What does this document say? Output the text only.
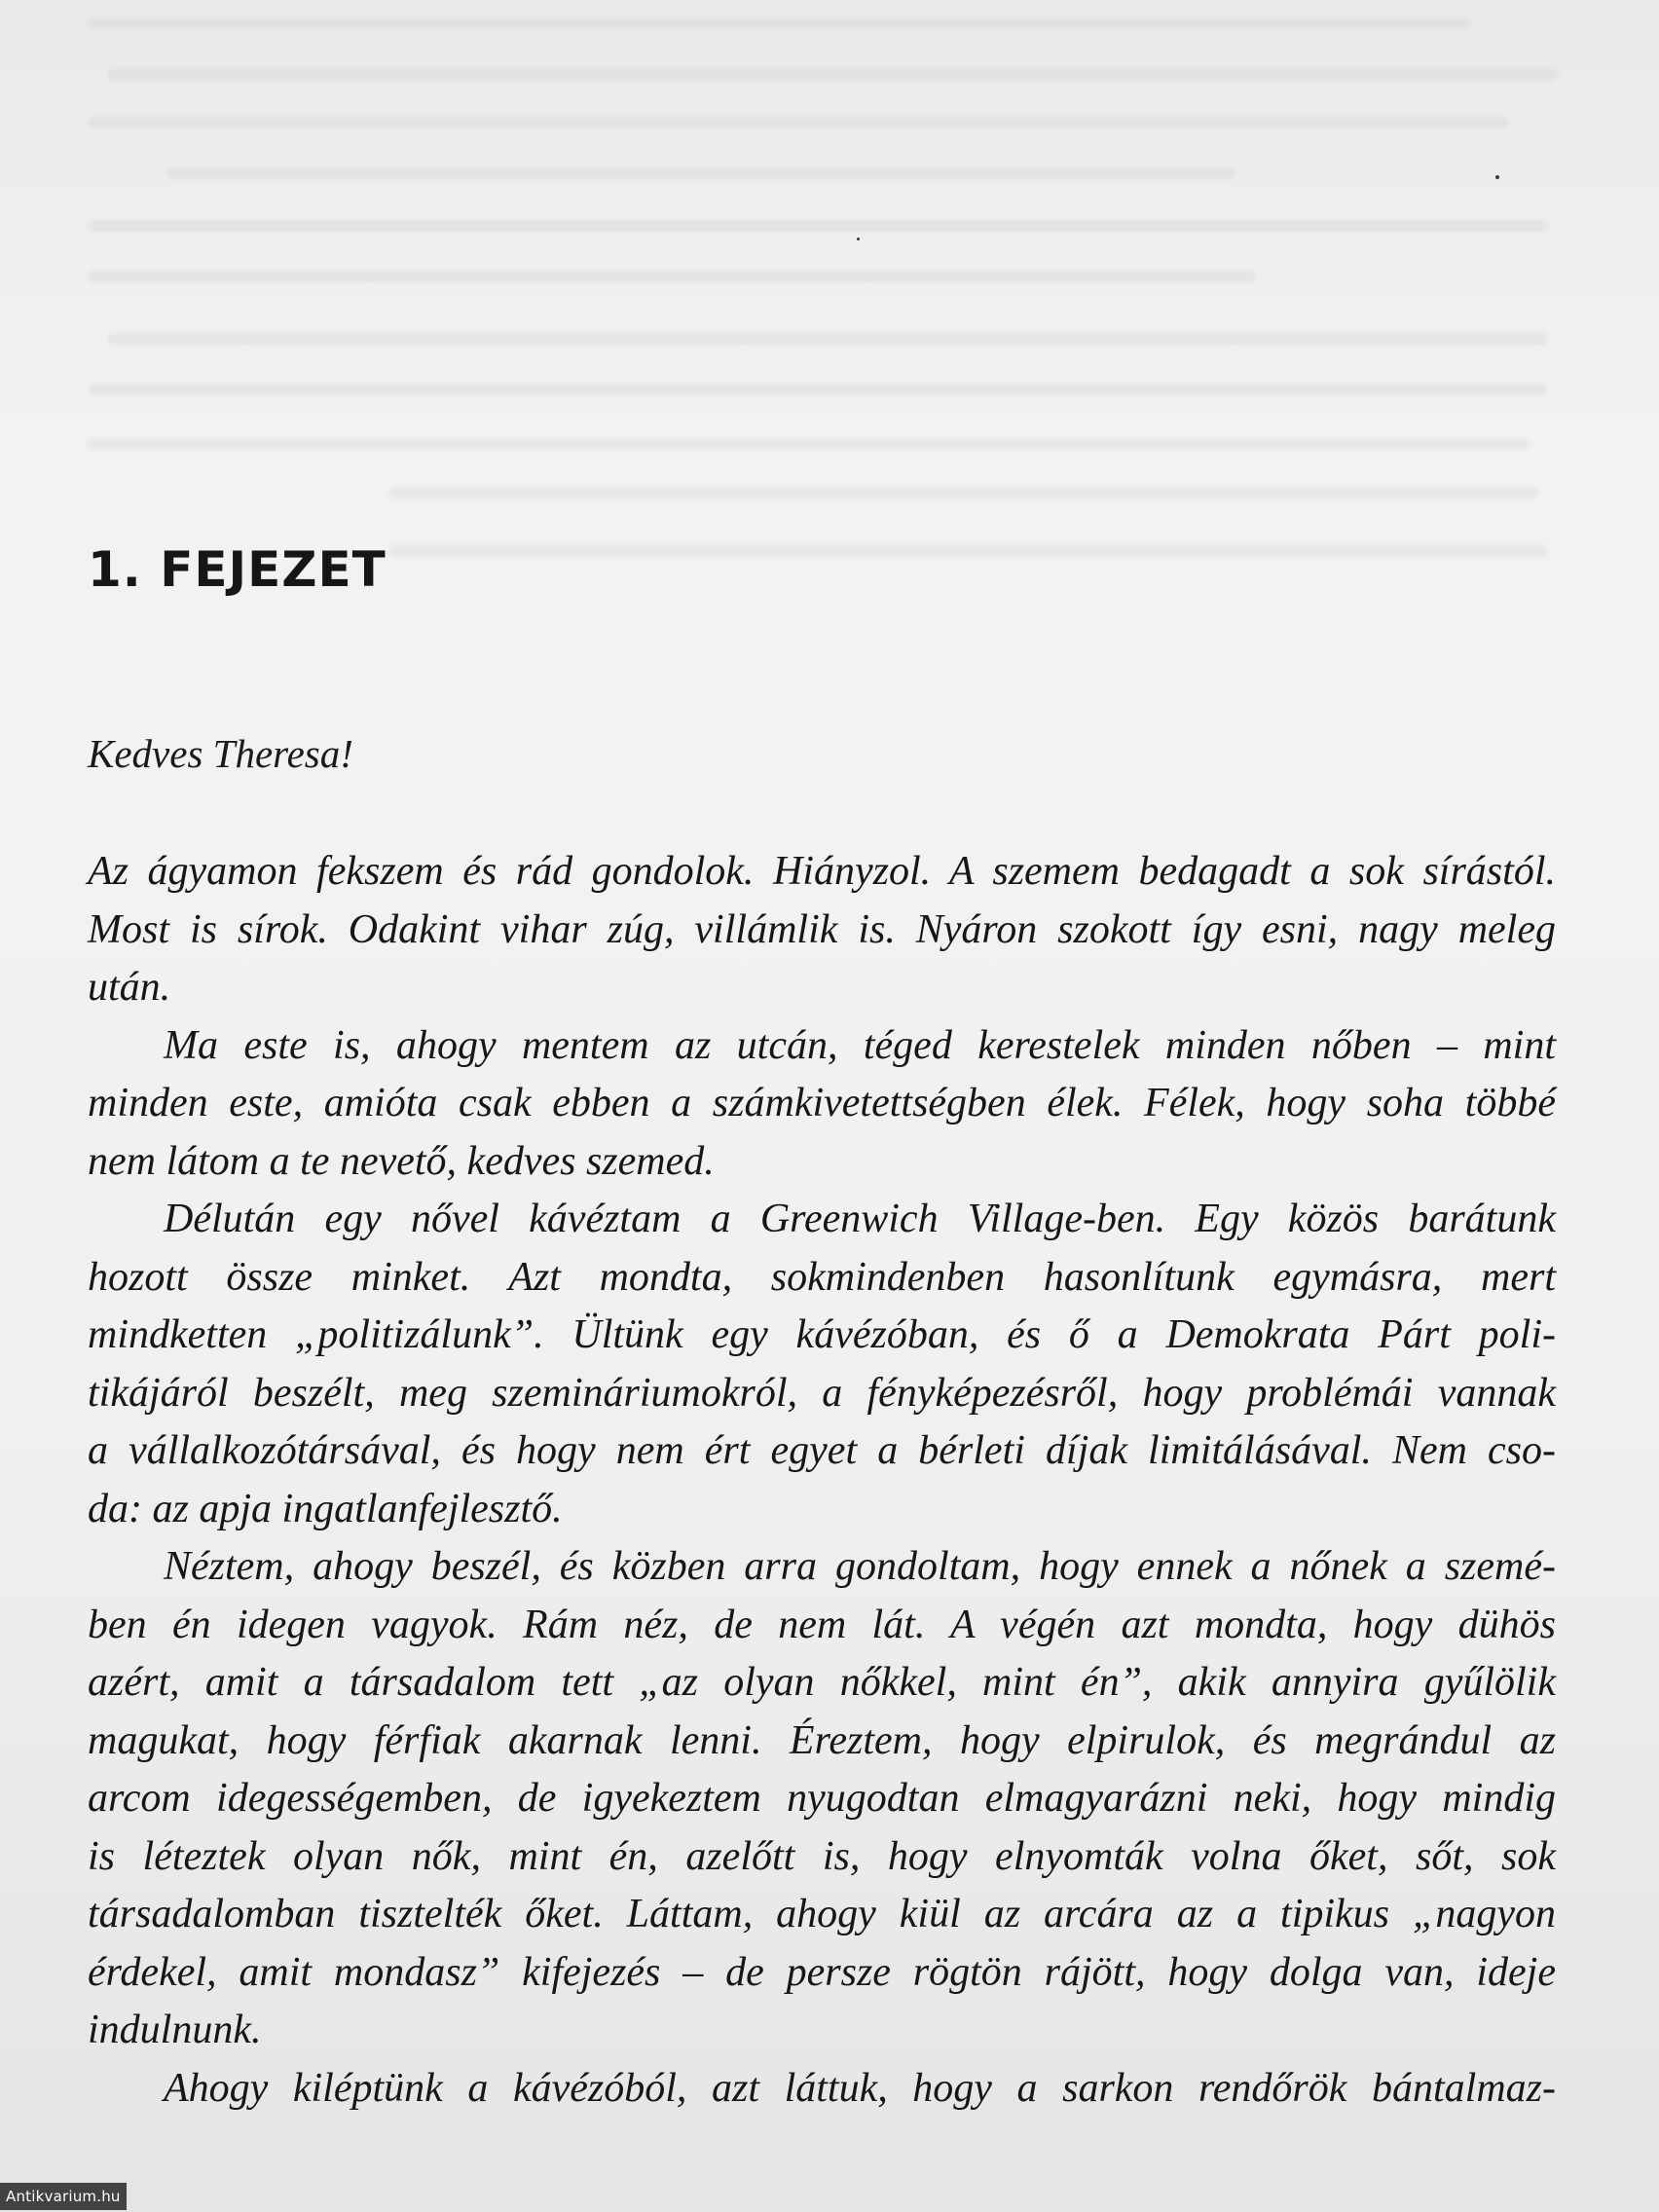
1. FEJEZET

Kedves Theresa!

Az ágyamon fekszem és rád gondolok. Hiányzol. A szemem bedagadt a sok sírástól.
Most is sírok. Odakint vihar zúg, villámlik is. Nyáron szokott így esni, nagy meleg
után.
Ma este is, ahogy mentem az utcán, téged kerestelek minden nőben – mint
minden este, amióta csak ebben a számkivetettségben élek. Félek, hogy soha többé
nem látom a te nevető, kedves szemed.
Délután egy nővel kávéztam a Greenwich Village-ben. Egy közös barátunk
hozott össze minket. Azt mondta, sokmindenben hasonlítunk egymásra, mert
mindketten „politizálunk”. Ültünk egy kávézóban, és ő a Demokrata Párt poli-
tikájáról beszélt, meg szemináriumokról, a fényképezésről, hogy problémái vannak
a vállalkozótársával, és hogy nem ért egyet a bérleti díjak limitálásával. Nem cso-
da: az apja ingatlanfejlesztő.
Néztem, ahogy beszél, és közben arra gondoltam, hogy ennek a nőnek a szemé-
ben én idegen vagyok. Rám néz, de nem lát. A végén azt mondta, hogy dühös
azért, amit a társadalom tett „az olyan nőkkel, mint én”, akik annyira gyűlölik
magukat, hogy férfiak akarnak lenni. Éreztem, hogy elpirulok, és megrándul az
arcom idegességemben, de igyekeztem nyugodtan elmagyarázni neki, hogy mindig
is léteztek olyan nők, mint én, azelőtt is, hogy elnyomták volna őket, sőt, sok
társadalomban tisztelték őket. Láttam, ahogy kiül az arcára az a tipikus „nagyon
érdekel, amit mondasz” kifejezés – de persze rögtön rájött, hogy dolga van, ideje
indulnunk.
Ahogy kiléptünk a kávézóból, azt láttuk, hogy a sarkon rendőrök bántalmaz-
Antikvarium.hu
